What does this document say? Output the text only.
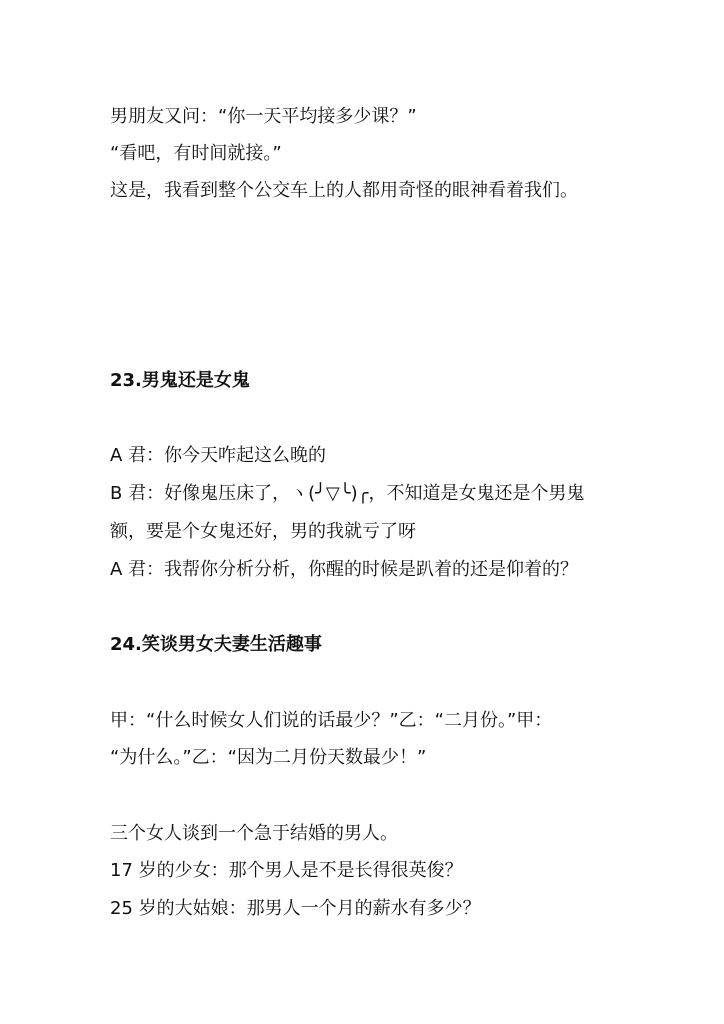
男朋友又问：“你一天平均接多少课？”
“看吧，有时间就接。”
这是，我看到整个公交车上的人都用奇怪的眼神看着我们。
23.男鬼还是女鬼
A 君：你今天咋起这么晚的
B 君：好像鬼压床了，ヽ(╯▽╰)╭，不知道是女鬼还是个男鬼
额，要是个女鬼还好，男的我就亏了呀
A 君：我帮你分析分析，你醒的时候是趴着的还是仰着的？
24.笑谈男女夫妻生活趣事
甲：“什么时候女人们说的话最少？”乙：“二月份。”甲：
“为什么。”乙：“因为二月份天数最少！”
三个女人谈到一个急于结婚的男人。
17 岁的少女：那个男人是不是长得很英俊？
25 岁的大姑娘：那男人一个月的薪水有多少？
